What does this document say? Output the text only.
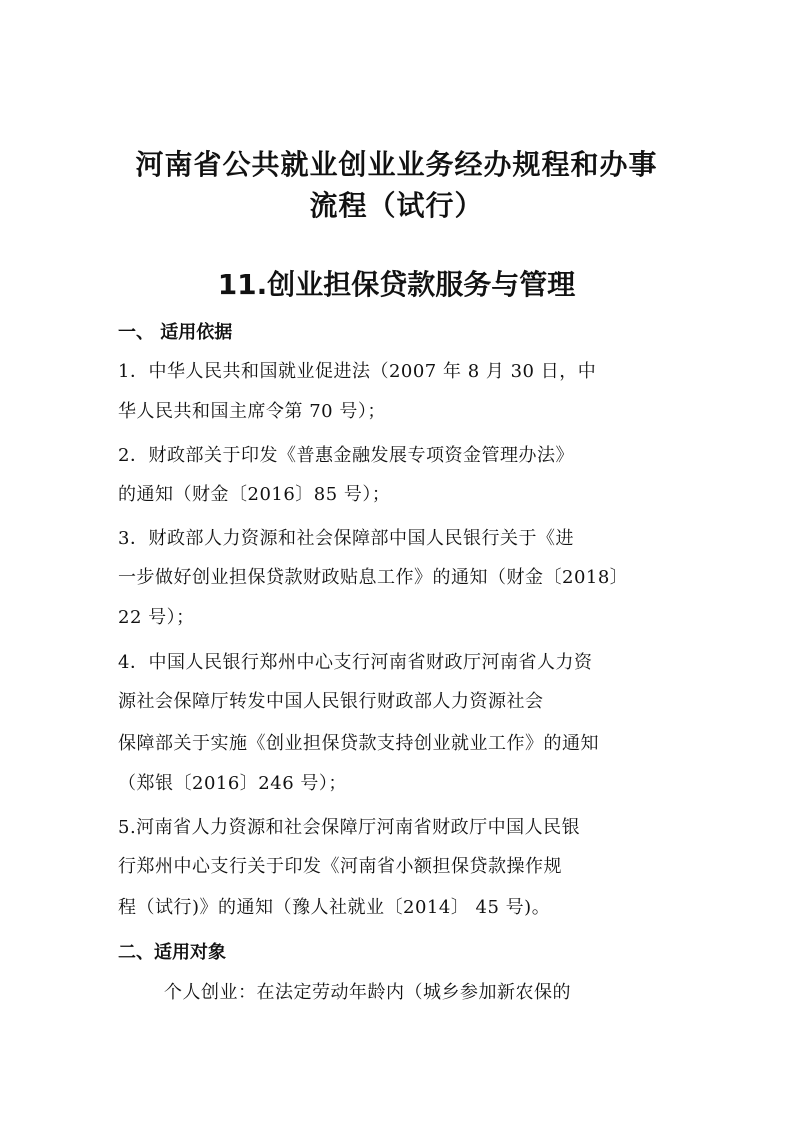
河南省公共就业创业业务经办规程和办事
流程（试行）
11.创业担保贷款服务与管理
一、 适用依据
1．中华人民共和国就业促进法（2007 年 8 月 30 日，中
华人民共和国主席令第 70 号）；
2．财政部关于印发《普惠金融发展专项资金管理办法》
的通知（财金〔2016〕85 号）；
3．财政部人力资源和社会保障部中国人民银行关于《进
一步做好创业担保贷款财政贴息工作》的通知（财金〔2018〕
22 号）；
4．中国人民银行郑州中心支行河南省财政厅河南省人力资
源社会保障厅转发中国人民银行财政部人力资源社会
保障部关于实施《创业担保贷款支持创业就业工作》的通知
（郑银〔2016〕246 号）；
5.河南省人力资源和社会保障厅河南省财政厅中国人民银
行郑州中心支行关于印发《河南省小额担保贷款操作规
程（试行)》的通知（豫人社就业〔2014〕 45 号)。
二、适用对象
个人创业：在法定劳动年龄内（城乡参加新农保的
